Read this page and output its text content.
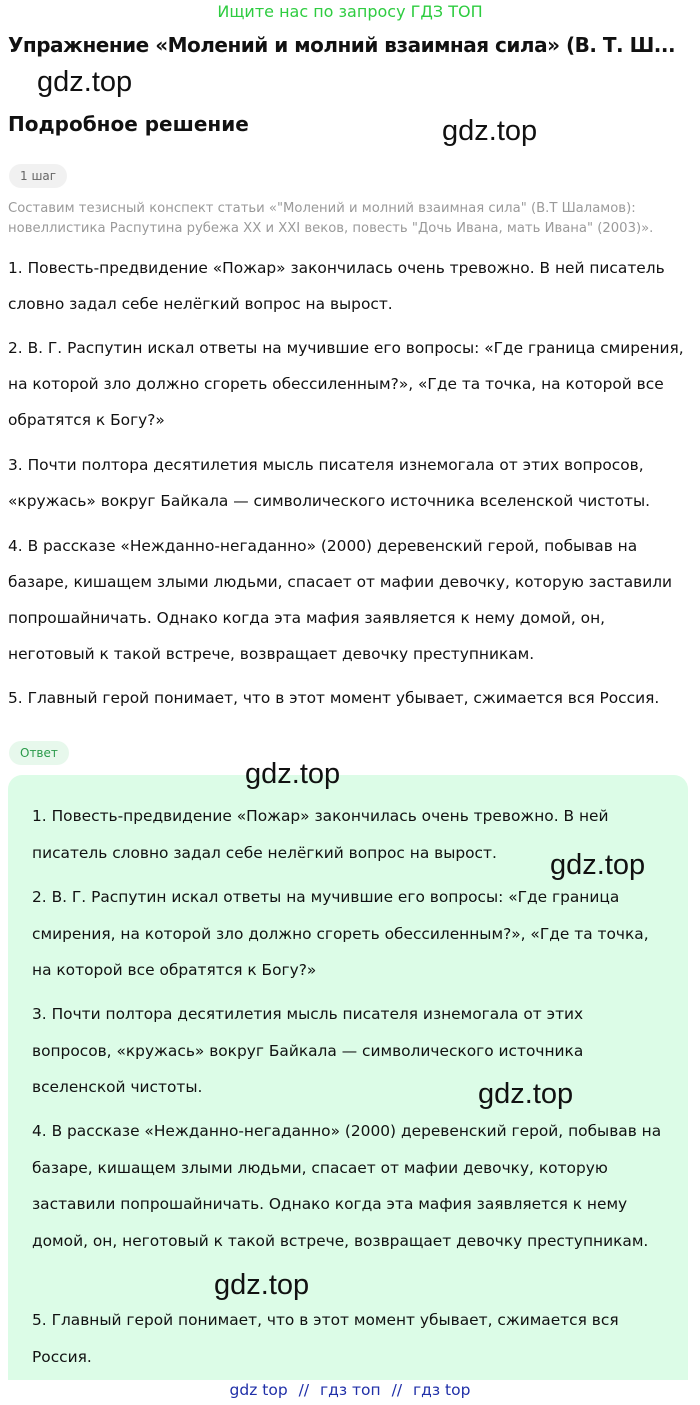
Ищите нас по запросу ГДЗ ТОП
Упражнение «Молений и молний взаимная сила» (В. Т. Ш...
gdz.top
gdz.top
Подробное решение
1 шаг
Составим тезисный конспект статьи «"Молений и молний взаимная сила" (В.Т Шаламов): новеллистика Распутина рубежа XX и XXI веков, повесть "Дочь Ивана, мать Ивана" (2003)».
1. Повесть-предвидение «Пожар» закончилась очень тревожно. В ней писатель словно задал себе нелёгкий вопрос на вырост.
2. В. Г. Распутин искал ответы на мучившие его вопросы: «Где граница смирения, на которой зло должно сгореть обессиленным?», «Где та точка, на которой все обратятся к Богу?»
3. Почти полтора десятилетия мысль писателя изнемогала от этих вопросов, «кружась» вокруг Байкала — символического источника вселенской чистоты.
4. В рассказе «Нежданно-негаданно» (2000) деревенский герой, побывав на базаре, кишащем злыми людьми, спасает от мафии девочку, которую заставили попрошайничать. Однако когда эта мафия заявляется к нему домой, он, неготовый к такой встрече, возвращает девочку преступникам.
5. Главный герой понимает, что в этот момент убывает, сжимается вся Россия.
Ответ
1. Повесть-предвидение «Пожар» закончилась очень тревожно. В ней писатель словно задал себе нелёгкий вопрос на вырост.
2. В. Г. Распутин искал ответы на мучившие его вопросы: «Где граница смирения, на которой зло должно сгореть обессиленным?», «Где та точка, на которой все обратятся к Богу?»
3. Почти полтора десятилетия мысль писателя изнемогала от этих вопросов, «кружась» вокруг Байкала — символического источника вселенской чистоты.
4. В рассказе «Нежданно-негаданно» (2000) деревенский герой, побывав на базаре, кишащем злыми людьми, спасает от мафии девочку, которую заставили попрошайничать. Однако когда эта мафия заявляется к нему домой, он, неготовый к такой встрече, возвращает девочку преступникам.
5. Главный герой понимает, что в этот момент убывает, сжимается вся Россия.
gdz.top
gdz.top
gdz.top
gdz.top
gdz top // гдз топ // гдз top
